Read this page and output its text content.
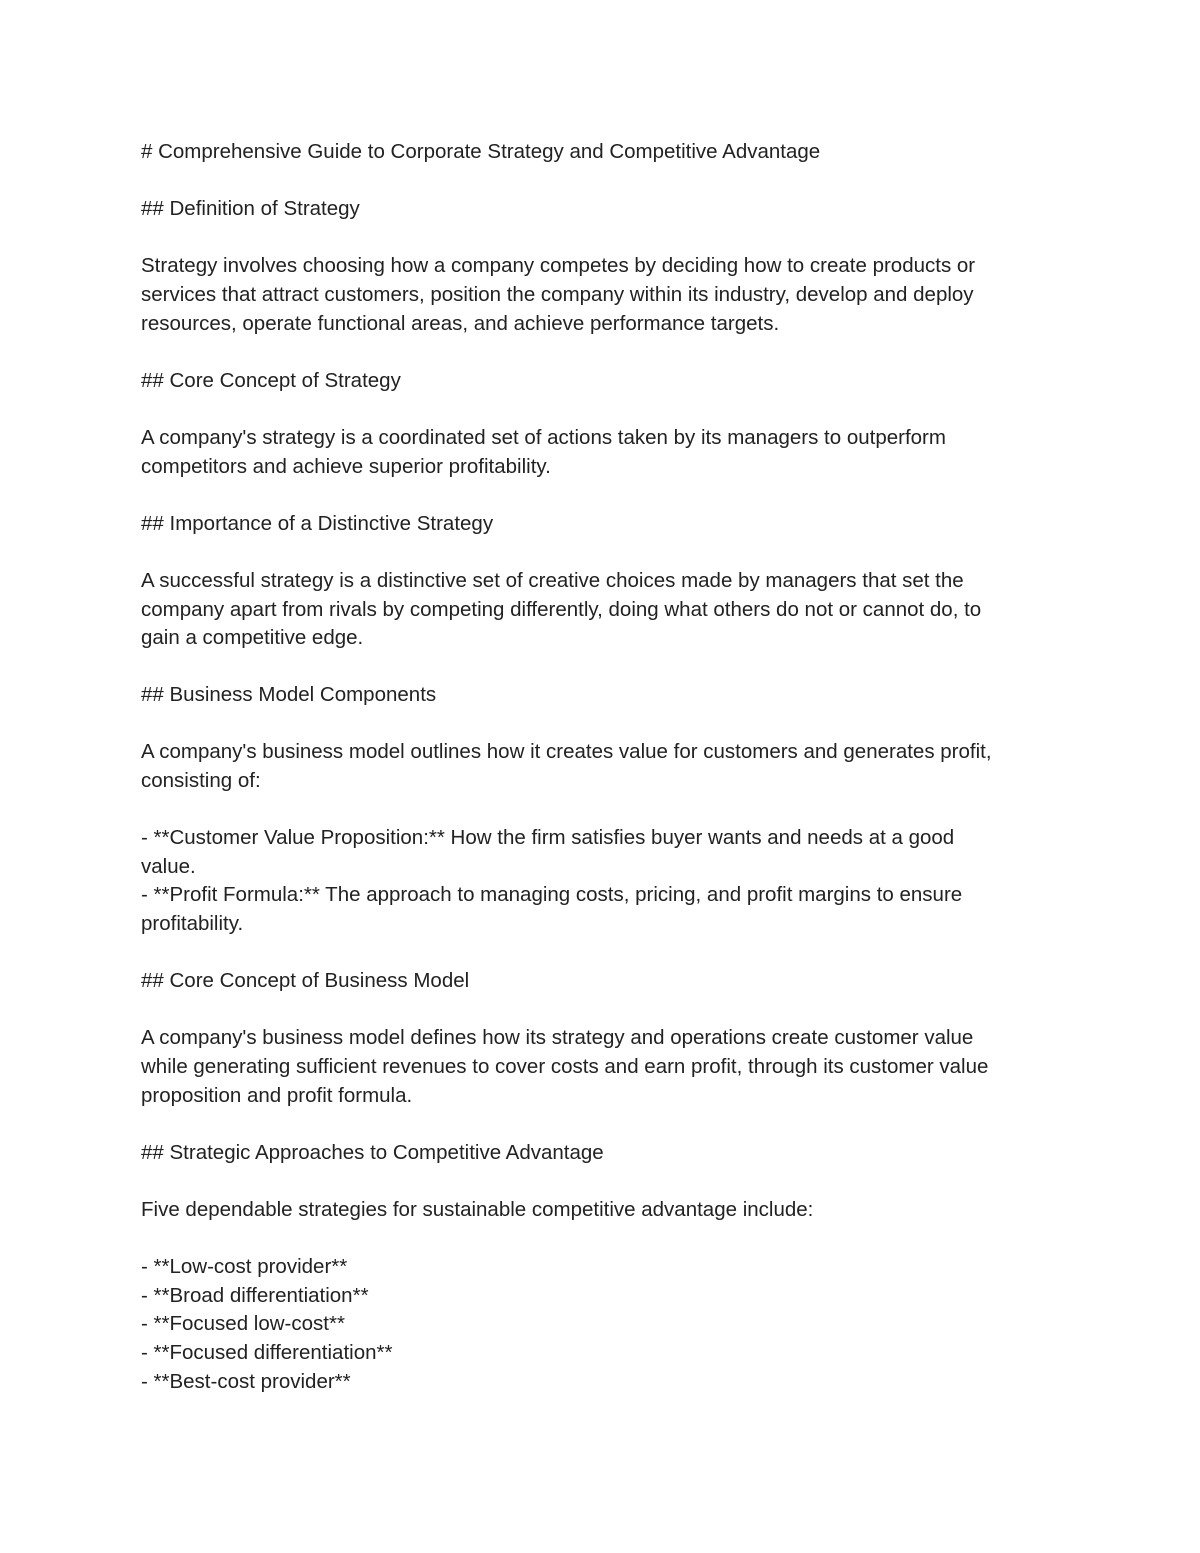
# Comprehensive Guide to Corporate Strategy and Competitive Advantage

## Definition of Strategy

Strategy involves choosing how a company competes by deciding how to create products or

services that attract customers, position the company within its industry, develop and deploy

resources, operate functional areas, and achieve performance targets.

## Core Concept of Strategy

A company's strategy is a coordinated set of actions taken by its managers to outperform

competitors and achieve superior profitability.

## Importance of a Distinctive Strategy

A successful strategy is a distinctive set of creative choices made by managers that set the

company apart from rivals by competing differently, doing what others do not or cannot do, to

gain a competitive edge.

## Business Model Components

A company's business model outlines how it creates value for customers and generates profit,

consisting of:

- **Customer Value Proposition:** How the firm satisfies buyer wants and needs at a good

value.

- **Profit Formula:** The approach to managing costs, pricing, and profit margins to ensure

profitability.

## Core Concept of Business Model

A company's business model defines how its strategy and operations create customer value

while generating sufficient revenues to cover costs and earn profit, through its customer value

proposition and profit formula.

## Strategic Approaches to Competitive Advantage

Five dependable strategies for sustainable competitive advantage include:

- **Low-cost provider**

- **Broad differentiation**

- **Focused low-cost**

- **Focused differentiation**

- **Best-cost provider**
